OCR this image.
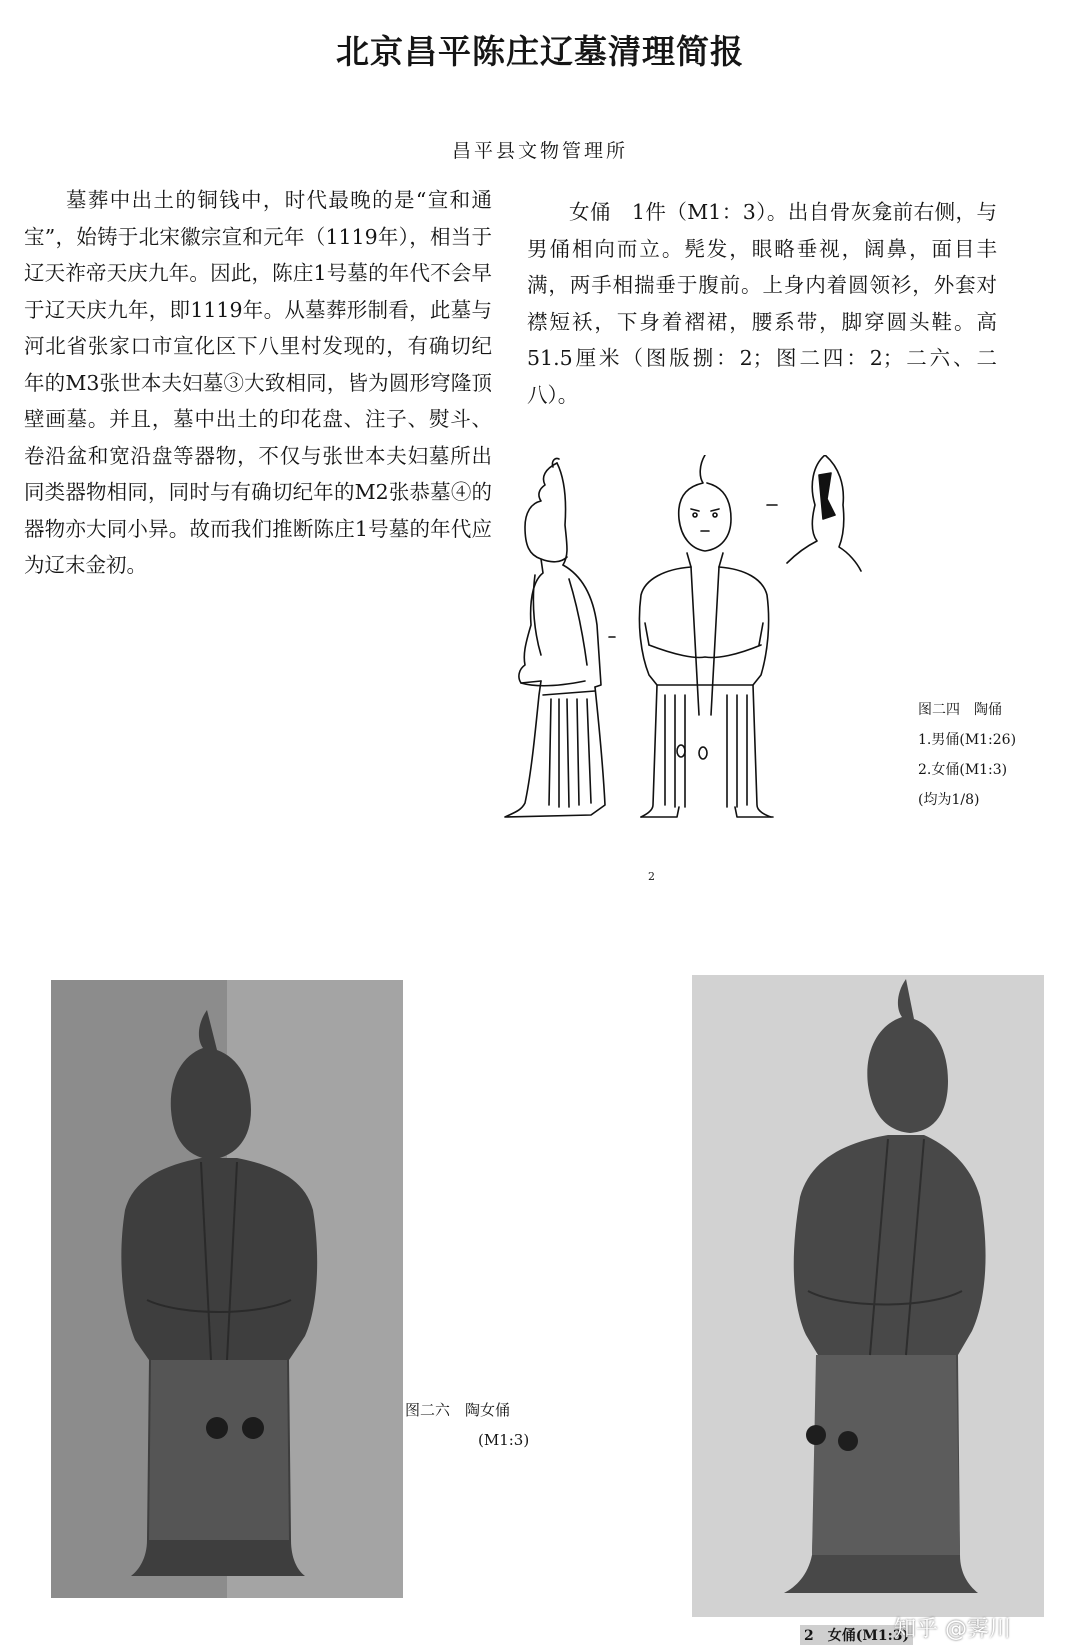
北京昌平陈庄辽墓清理简报
昌平县文物管理所

墓葬中出土的铜钱中，时代最晚的是“宣和通宝”，始铸于北宋徽宗宣和元年（1119年），相当于辽天祚帝天庆九年。因此，陈庄1号墓的年代不会早于辽天庆九年，即1119年。从墓葬形制看，此墓与河北省张家口市宣化区下八里村发现的，有确切纪年的M3张世本夫妇墓③大致相同，皆为圆形穹隆顶壁画墓。并且，墓中出土的印花盘、注子、熨斗、卷沿盆和宽沿盘等器物，不仅与张世本夫妇墓所出同类器物相同，同时与有确切纪年的M2张恭墓④的器物亦大同小异。故而我们推断陈庄1号墓的年代应为辽末金初。

女俑　1件（M1：3）。出自骨灰龛前右侧，与男俑相向而立。髡发，眼略垂视，阔鼻，面目丰满，两手相揣垂于腹前。上身内着圆领衫，外套对襟短袄，下身着褶裙，腰系带，脚穿圆头鞋。高51.5厘米（图版捌：2；图二四：2；二六、二八）。

图二四　陶俑
1.男俑(M1:26)
2.女俑(M1:3)
(均为1/8)
2
图二六　陶女俑
(M1:3)
2　女俑(M1:3)
知乎 @霁川
